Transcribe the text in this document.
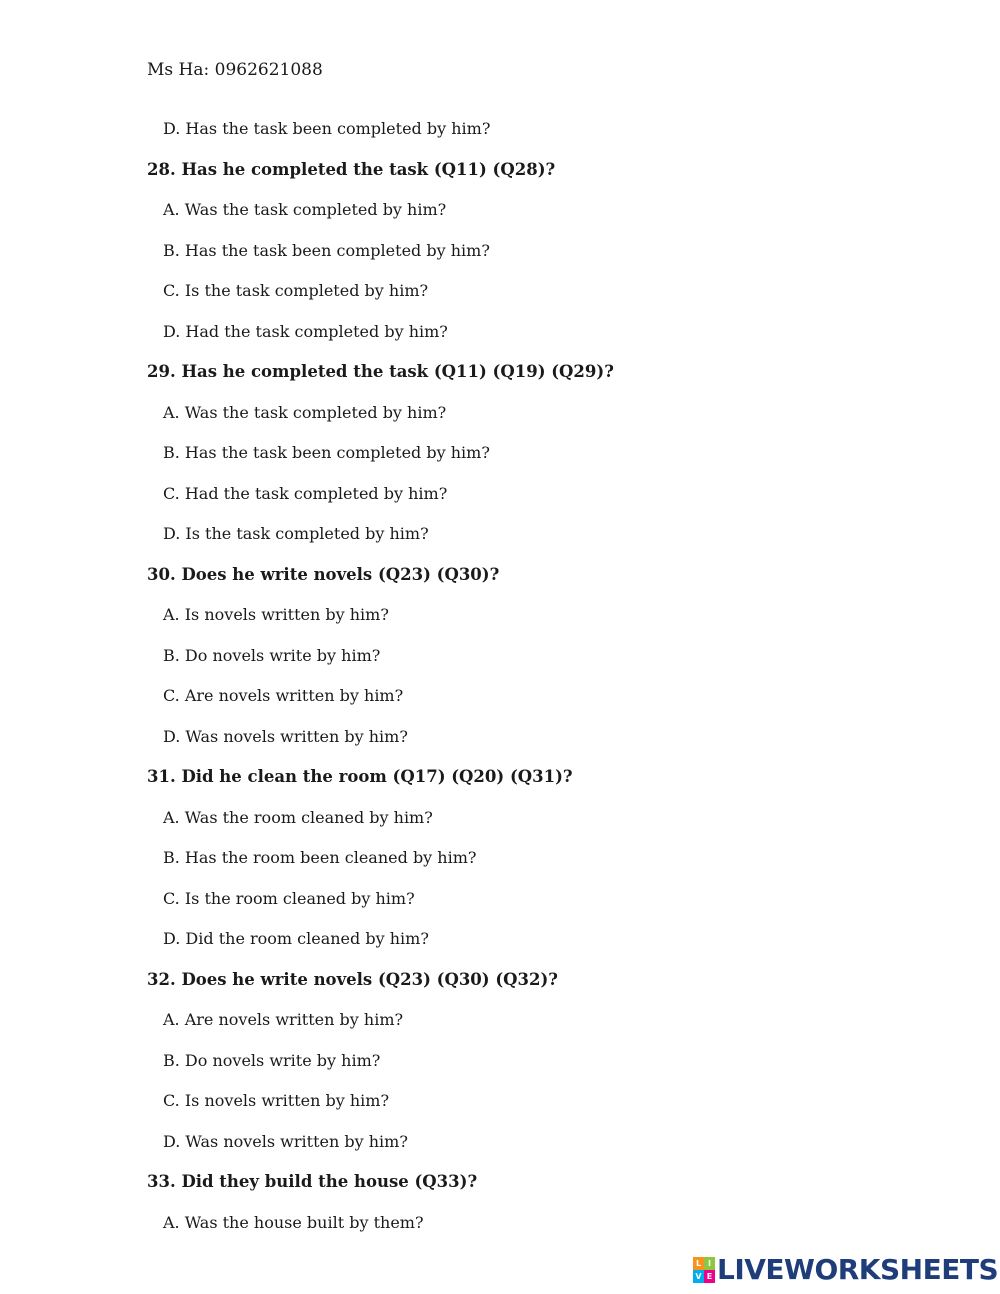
Ms Ha: 0962621088
D. Has the task been completed by him?
28. Has he completed the task (Q11) (Q28)?
A. Was the task completed by him?
B. Has the task been completed by him?
C. Is the task completed by him?
D. Had the task completed by him?
29. Has he completed the task (Q11) (Q19) (Q29)?
A. Was the task completed by him?
B. Has the task been completed by him?
C. Had the task completed by him?
D. Is the task completed by him?
30. Does he write novels (Q23) (Q30)?
A. Is novels written by him?
B. Do novels write by him?
C. Are novels written by him?
D. Was novels written by him?
31. Did he clean the room (Q17) (Q20) (Q31)?
A. Was the room cleaned by him?
B. Has the room been cleaned by him?
C. Is the room cleaned by him?
D. Did the room cleaned by him?
32. Does he write novels (Q23) (Q30) (Q32)?
A. Are novels written by him?
B. Do novels write by him?
C. Is novels written by him?
D. Was novels written by him?
33. Did they build the house (Q33)?
A. Was the house built by them?
L I
V E LIVEWORKSHEETS
